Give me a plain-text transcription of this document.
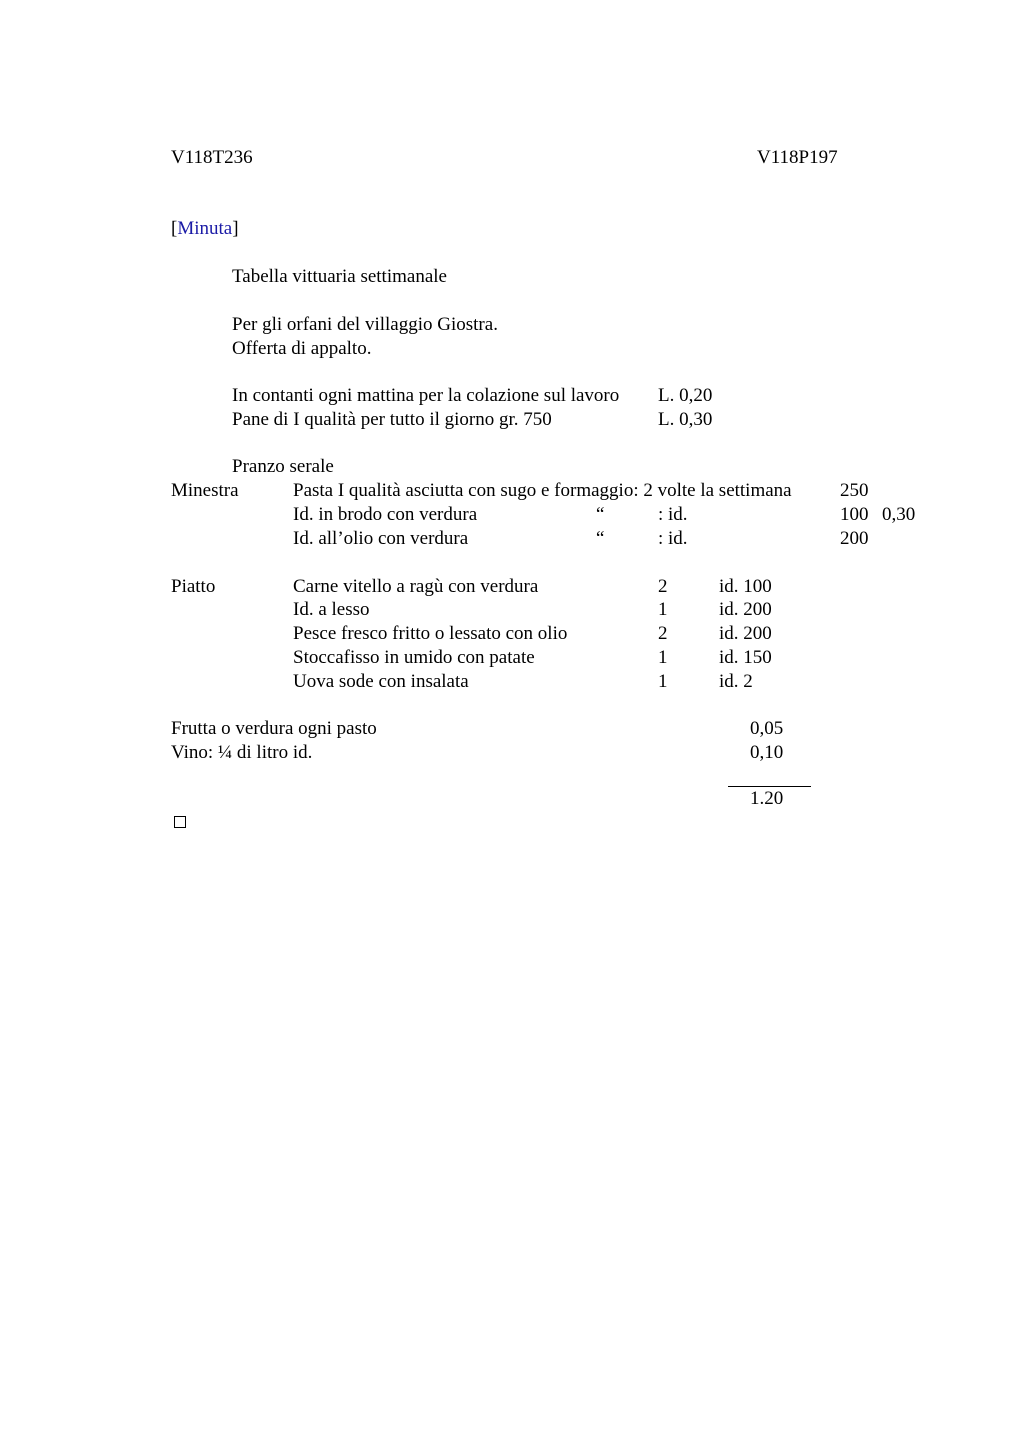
V118T236	V118P197

[Minuta]

Tabella vittuaria settimanale

Per gli orfani del villaggio Giostra.

Offerta di appalto.

In contanti ogni mattina per la colazione sul lavoro L. 0,20

Pane di I qualità per tutto il giorno gr. 750	L. 0,30

Pranzo serale

Minestra	Pasta I qualità asciutta con sugo e formaggio: 2 volte la settimana	250

Id. in brodo con verdura	“	: id.	100 0,30

Id. all’olio con verdura	“	: id.	200

Piatto	Carne vitello a ragù con verdura	2	id. 100

Id. a lesso	1	id. 200

Pesce fresco fritto o lessato con olio	2	id. 200

Stoccafisso in umido con patate	1	id. 150

Uova sode con insalata	1	id. 2

Frutta o verdura ogni pasto	0,05

Vino: ¼ di litro id.	0,10

1.20
